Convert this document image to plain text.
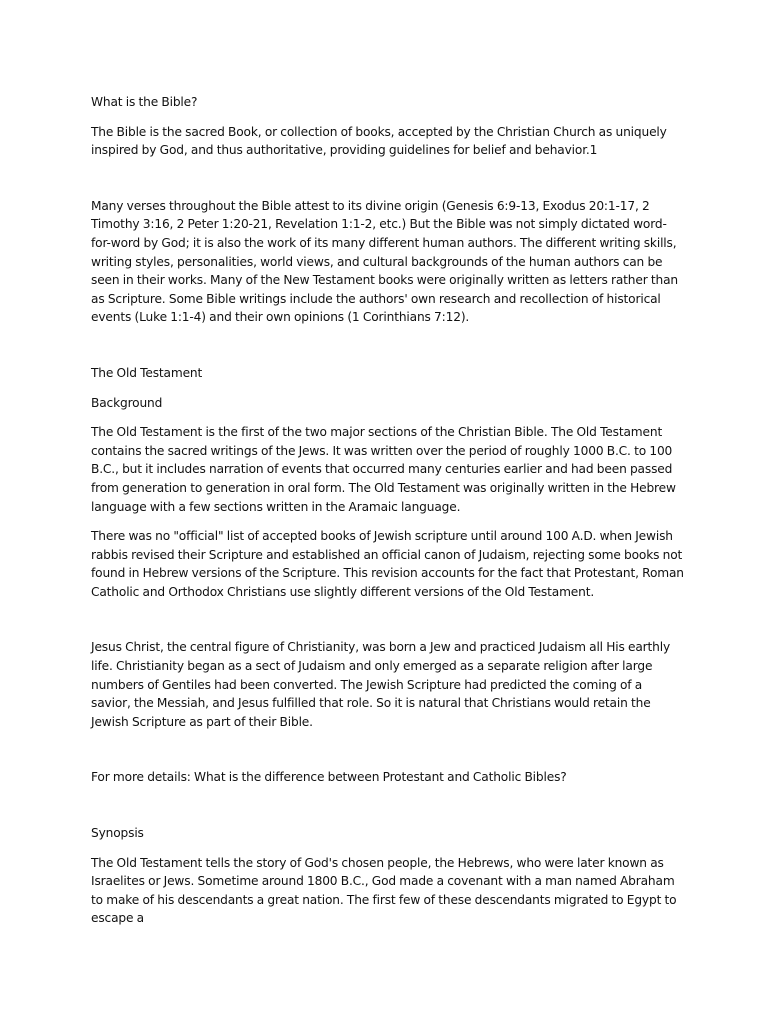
What is the Bible?

The Bible is the sacred Book, or collection of books, accepted by the Christian Church as uniquely inspired by God, and thus authoritative, providing guidelines for belief and behavior.1

Many verses throughout the Bible attest to its divine origin (Genesis 6:9-13, Exodus 20:1-17, 2 Timothy 3:16, 2 Peter 1:20-21, Revelation 1:1-2, etc.) But the Bible was not simply dictated word-for-word by God; it is also the work of its many different human authors. The different writing skills, writing styles, personalities, world views, and cultural backgrounds of the human authors can be seen in their works. Many of the New Testament books were originally written as letters rather than as Scripture. Some Bible writings include the authors' own research and recollection of historical events (Luke 1:1-4) and their own opinions (1 Corinthians 7:12).

The Old Testament

Background

The Old Testament is the first of the two major sections of the Christian Bible. The Old Testament contains the sacred writings of the Jews. It was written over the period of roughly 1000 B.C. to 100 B.C., but it includes narration of events that occurred many centuries earlier and had been passed from generation to generation in oral form. The Old Testament was originally written in the Hebrew language with a few sections written in the Aramaic language.

There was no "official" list of accepted books of Jewish scripture until around 100 A.D. when Jewish rabbis revised their Scripture and established an official canon of Judaism, rejecting some books not found in Hebrew versions of the Scripture. This revision accounts for the fact that Protestant, Roman Catholic and Orthodox Christians use slightly different versions of the Old Testament.

Jesus Christ, the central figure of Christianity, was born a Jew and practiced Judaism all His earthly life. Christianity began as a sect of Judaism and only emerged as a separate religion after large numbers of Gentiles had been converted. The Jewish Scripture had predicted the coming of a savior, the Messiah, and Jesus fulfilled that role. So it is natural that Christians would retain the Jewish Scripture as part of their Bible.

For more details: What is the difference between Protestant and Catholic Bibles?

Synopsis

The Old Testament tells the story of God's chosen people, the Hebrews, who were later known as Israelites or Jews. Sometime around 1800 B.C., God made a covenant with a man named Abraham to make of his descendants a great nation. The first few of these descendants migrated to Egypt to escape a
